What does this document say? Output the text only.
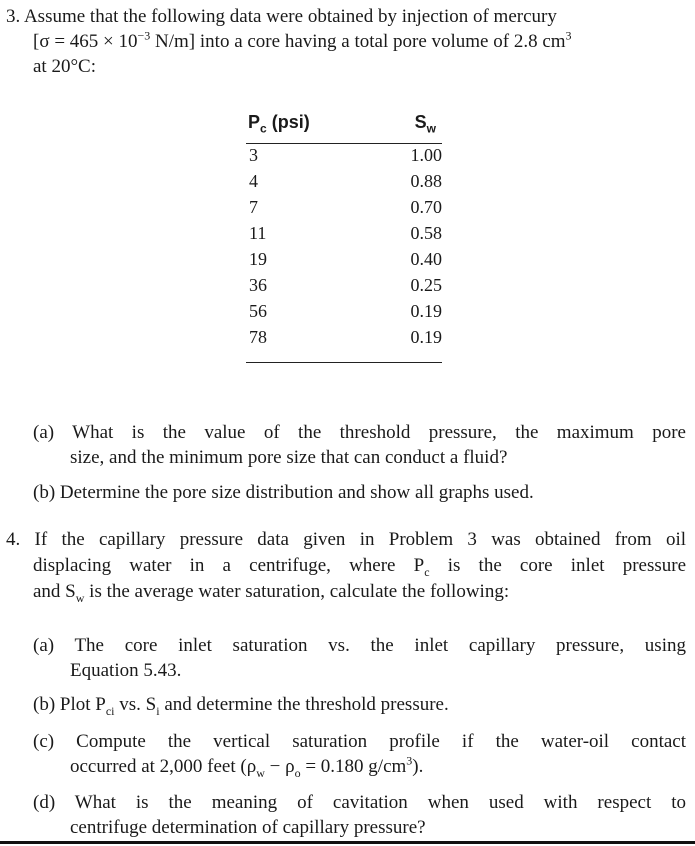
3. Assume that the following data were obtained by injection of mercury
[$\sigma = 465 \times 10^{-3}$ N/m] into a core having a total pore volume of 2.8 $cm^3$
at 20°C:
$P_c$ (psi)	$S_w$
3	1.00
4	0.88
7	0.70
11	0.58
19	0.40
36	0.25
56	0.19
78	0.19
(a) What is the value of the threshold pressure, the maximum pore
size, and the minimum pore size that can conduct a fluid?
(b) Determine the pore size distribution and show all graphs used.
4. If the capillary pressure data given in Problem 3 was obtained from oil
displacing water in a centrifuge, where $P_c$ is the core inlet pressure
and $S_w$ is the average water saturation, calculate the following:
(a) The core inlet saturation vs. the inlet capillary pressure, using
Equation 5.43.
(b) Plot $P_{ci}$ vs. $S_i$ and determine the threshold pressure.
(c) Compute the vertical saturation profile if the water-oil contact
occurred at 2,000 feet ($\rho_w - \rho_o = 0.180$ $g/cm^3$).
(d) What is the meaning of cavitation when used with respect to
centrifuge determination of capillary pressure?
